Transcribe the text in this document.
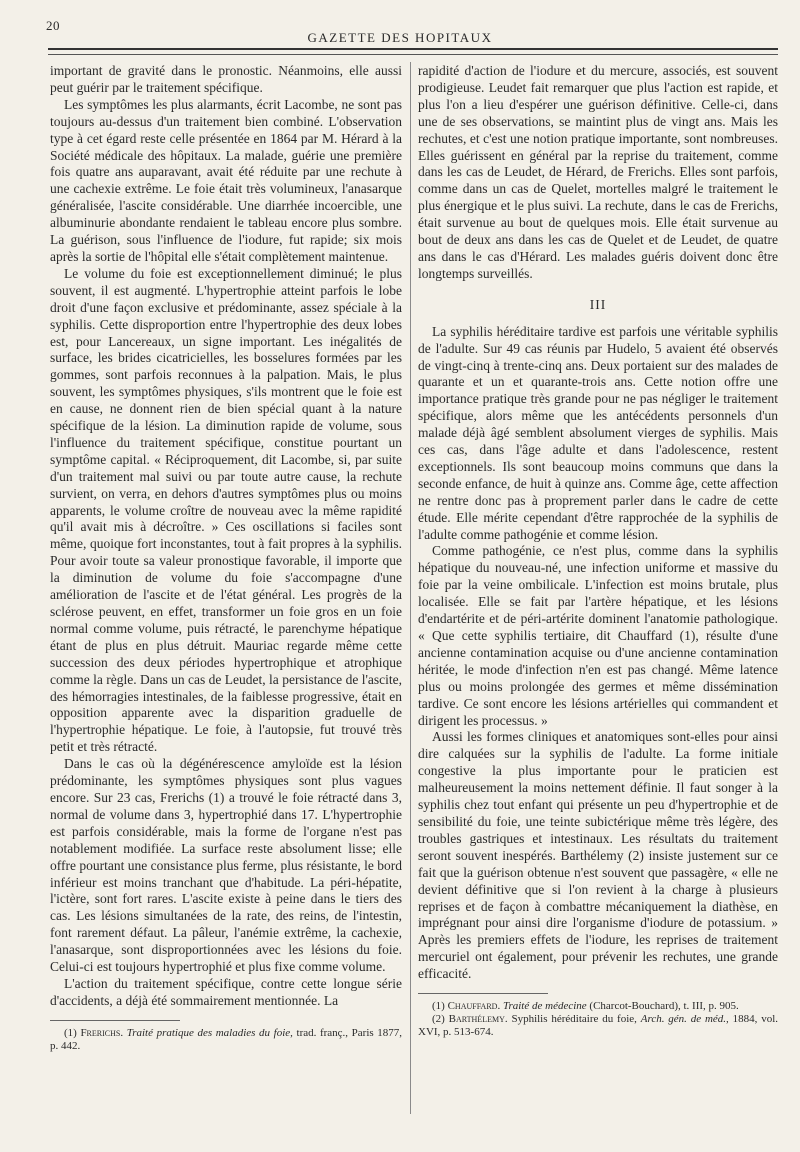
20
GAZETTE DES HOPITAUX

important de gravité dans le pronostic. Néanmoins, elle aussi peut guérir par le traitement spécifique.

Les symptômes les plus alarmants, écrit Lacombe, ne sont pas toujours au-dessus d'un traitement bien combiné. L'observation type à cet égard reste celle présentée en 1864 par M. Hérard à la Société médicale des hôpitaux. La malade, guérie une première fois quatre ans auparavant, avait été réduite par une rechute à une cachexie extrême. Le foie était très volumineux, l'anasarque généralisée, l'ascite considérable. Une diarrhée incoercible, une albuminurie abondante rendaient le tableau encore plus sombre. La guérison, sous l'influence de l'iodure, fut rapide; six mois après la sortie de l'hôpital elle s'était complètement maintenue.

Le volume du foie est exceptionnellement diminué; le plus souvent, il est augmenté. L'hypertrophie atteint parfois le lobe droit d'une façon exclusive et prédominante, assez spéciale à la syphilis. Cette disproportion entre l'hypertrophie des deux lobes est, pour Lancereaux, un signe important. Les inégalités de surface, les brides cicatricielles, les bosselures formées par les gommes, sont parfois reconnues à la palpation. Mais, le plus souvent, les symptômes physiques, s'ils montrent que le foie est en cause, ne donnent rien de bien spécial quant à la nature spécifique de la lésion. La diminution rapide de volume, sous l'influence du traitement spécifique, constitue pourtant un symptôme capital. « Réciproquement, dit Lacombe, si, par suite d'un traitement mal suivi ou par toute autre cause, la rechute survient, on verra, en dehors d'autres symptômes plus ou moins apparents, le volume croître de nouveau avec la même rapidité qu'il avait mis à décroître. » Ces oscillations si faciles sont même, quoique fort inconstantes, tout à fait propres à la syphilis. Pour avoir toute sa valeur pronostique favorable, il importe que la diminution de volume du foie s'accompagne d'une amélioration de l'ascite et de l'état général. Les progrès de la sclérose peuvent, en effet, transformer un foie gros en un foie normal comme volume, puis rétracté, le parenchyme hépatique étant de plus en plus détruit. Mauriac regarde même cette succession des deux périodes hypertrophique et atrophique comme la règle. Dans un cas de Leudet, la persistance de l'ascite, des hémorragies intestinales, de la faiblesse progressive, était en opposition apparente avec la disparition graduelle de l'hypertrophie hépatique. Le foie, à l'autopsie, fut trouvé très petit et très rétracté.

Dans le cas où la dégénérescence amyloïde est la lésion prédominante, les symptômes physiques sont plus vagues encore. Sur 23 cas, Frerichs (1) a trouvé le foie rétracté dans 3, normal de volume dans 3, hypertrophié dans 17. L'hypertrophie est parfois considérable, mais la forme de l'organe n'est pas notablement modifiée. La surface reste absolument lisse; elle offre pourtant une consistance plus ferme, plus résistante, le bord inférieur est moins tranchant que d'habitude. La péri-hépatite, l'ictère, sont fort rares. L'ascite existe à peine dans le tiers des cas. Les lésions simultanées de la rate, des reins, de l'intestin, font rarement défaut. La pâleur, l'anémie extrême, la cachexie, l'anasarque, sont disproportionnées avec les lésions du foie. Celui-ci est toujours hypertrophié et plus fixe comme volume.

L'action du traitement spécifique, contre cette longue série d'accidents, a déjà été sommairement mentionnée. La

(1) Frerichs. Traité pratique des maladies du foie, trad. franç., Paris 1877, p. 442.

rapidité d'action de l'iodure et du mercure, associés, est souvent prodigieuse. Leudet fait remarquer que plus l'action est rapide, et plus l'on a lieu d'espérer une guérison définitive. Celle-ci, dans une de ses observations, se maintint plus de vingt ans. Mais les rechutes, et c'est une notion pratique importante, sont nombreuses. Elles guérissent en général par la reprise du traitement, comme dans les cas de Leudet, de Hérard, de Frerichs. Elles sont parfois, comme dans un cas de Quelet, mortelles malgré le traitement le plus énergique et le plus suivi. La rechute, dans le cas de Frerichs, était survenue au bout de quelques mois. Elle était survenue au bout de deux ans dans les cas de Quelet et de Leudet, de quatre ans dans le cas d'Hérard. Les malades guéris doivent donc être longtemps surveillés.

III

La syphilis héréditaire tardive est parfois une véritable syphilis de l'adulte. Sur 49 cas réunis par Hudelo, 5 avaient été observés de vingt-cinq à trente-cinq ans. Deux portaient sur des malades de quarante et un et quarante-trois ans. Cette notion offre une importance pratique très grande pour ne pas négliger le traitement spécifique, alors même que les antécédents personnels d'un malade déjà âgé semblent absolument vierges de syphilis. Mais ces cas, dans l'âge adulte et dans l'adolescence, restent exceptionnels. Ils sont beaucoup moins communs que dans la seconde enfance, de huit à quinze ans. Comme âge, cette affection ne rentre donc pas à proprement parler dans le cadre de cette étude. Elle mérite cependant d'être rapprochée de la syphilis de l'adulte comme pathogénie et comme lésion.

Comme pathogénie, ce n'est plus, comme dans la syphilis hépatique du nouveau-né, une infection uniforme et massive du foie par la veine ombilicale. L'infection est moins brutale, plus localisée. Elle se fait par l'artère hépatique, et les lésions d'endartérite et de péri-artérite dominent l'anatomie pathologique. « Que cette syphilis tertiaire, dit Chauffard (1), résulte d'une ancienne contamination acquise ou d'une ancienne contamination héritée, le mode d'infection n'en est pas changé. Même latence plus ou moins prolongée des germes et même dissémination tardive. Ce sont encore les lésions artérielles qui commandent et dirigent les processus. »

Aussi les formes cliniques et anatomiques sont-elles pour ainsi dire calquées sur la syphilis de l'adulte. La forme initiale congestive la plus importante pour le praticien est malheureusement la moins nettement définie. Il faut songer à la syphilis chez tout enfant qui présente un peu d'hypertrophie et de sensibilité du foie, une teinte subictérique même très légère, des troubles gastriques et intestinaux. Les résultats du traitement seront souvent inespérés. Barthélemy (2) insiste justement sur ce fait que la guérison obtenue n'est souvent que passagère, « elle ne devient définitive que si l'on revient à la charge à plusieurs reprises et de façon à combattre mécaniquement la diathèse, en imprégnant pour ainsi dire l'organisme d'iodure de potassium. » Après les premiers effets de l'iodure, les reprises de traitement mercuriel ont également, pour prévenir les rechutes, une grande efficacité.

(1) Chauffard. Traité de médecine (Charcot-Bouchard), t. III, p. 905.

(2) Barthélemy. Syphilis héréditaire du foie, Arch. gén. de méd., 1884, vol. XVI, p. 513-674.
